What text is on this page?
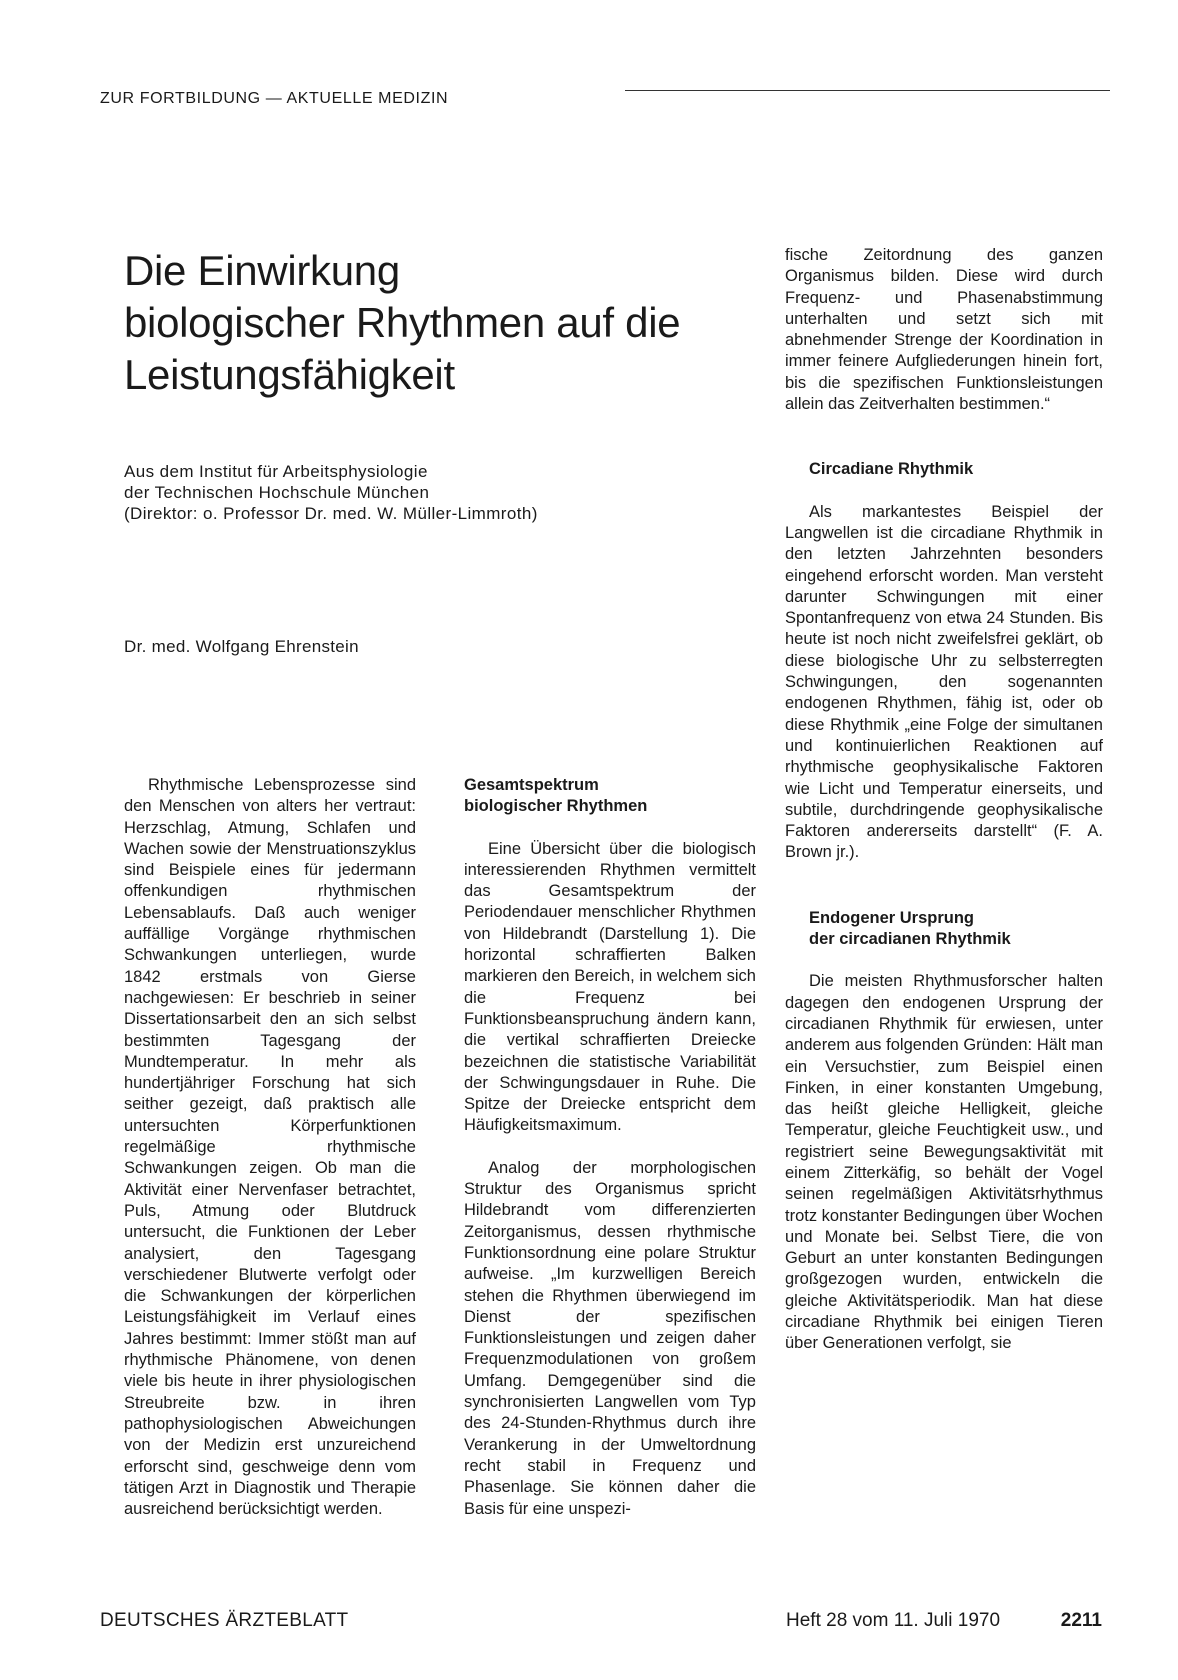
ZUR FORTBILDUNG — AKTUELLE MEDIZIN
Die Einwirkung
biologischer Rhythmen auf die
Leistungsfähigkeit
Aus dem Institut für Arbeitsphysiologie
der Technischen Hochschule München
(Direktor: o. Professor Dr. med. W. Müller-Limmroth)
Dr. med. Wolfgang Ehrenstein

Rhythmische Lebensprozesse sind den Menschen von alters her vertraut: Herzschlag, Atmung, Schlafen und Wachen sowie der Menstruationszyklus sind Beispiele eines für jedermann offenkundigen rhythmischen Lebensablaufs. Daß auch weniger auffällige Vorgänge rhythmischen Schwankungen unterliegen, wurde 1842 erstmals von Gierse nachgewiesen: Er beschrieb in seiner Dissertationsarbeit den an sich selbst bestimmten Tagesgang der Mundtemperatur. In mehr als hundertjähriger Forschung hat sich seither gezeigt, daß praktisch alle untersuchten Körperfunktionen regelmäßige rhythmische Schwankungen zeigen. Ob man die Aktivität einer Nervenfaser betrachtet, Puls, Atmung oder Blutdruck untersucht, die Funktionen der Leber analysiert, den Tagesgang verschiedener Blutwerte verfolgt oder die Schwankungen der körperlichen Leistungsfähigkeit im Verlauf eines Jahres bestimmt: Immer stößt man auf rhythmische Phänomene, von denen viele bis heute in ihrer physiologischen Streubreite bzw. in ihren pathophysiologischen Abweichungen von der Medizin erst unzureichend erforscht sind, geschweige denn vom tätigen Arzt in Diagnostik und Therapie ausreichend berücksichtigt werden.

Gesamtspektrum
biologischer Rhythmen

Eine Übersicht über die biologisch interessierenden Rhythmen vermittelt das Gesamtspektrum der Periodendauer menschlicher Rhythmen von Hildebrandt (Darstellung 1). Die horizontal schraffierten Balken markieren den Bereich, in welchem sich die Frequenz bei Funktionsbeanspruchung ändern kann, die vertikal schraffierten Dreiecke bezeichnen die statistische Variabilität der Schwingungsdauer in Ruhe. Die Spitze der Dreiecke entspricht dem Häufigkeitsmaximum.

Analog der morphologischen Struktur des Organismus spricht Hildebrandt vom differenzierten Zeitorganismus, dessen rhythmische Funktionsordnung eine polare Struktur aufweise. „Im kurzwelligen Bereich stehen die Rhythmen überwiegend im Dienst der spezifischen Funktionsleistungen und zeigen daher Frequenzmodulationen von großem Umfang. Demgegenüber sind die synchronisierten Langwellen vom Typ des 24-Stunden-Rhythmus durch ihre Verankerung in der Umweltordnung recht stabil in Frequenz und Phasenlage. Sie können daher die Basis für eine unspezi-

fische Zeitordnung des ganzen Organismus bilden. Diese wird durch Frequenz- und Phasenabstimmung unterhalten und setzt sich mit abnehmender Strenge der Koordination in immer feinere Aufgliederungen hinein fort, bis die spezifischen Funktionsleistungen allein das Zeitverhalten bestimmen.“

Circadiane Rhythmik

Als markantestes Beispiel der Langwellen ist die circadiane Rhythmik in den letzten Jahrzehnten besonders eingehend erforscht worden. Man versteht darunter Schwingungen mit einer Spontanfrequenz von etwa 24 Stunden. Bis heute ist noch nicht zweifelsfrei geklärt, ob diese biologische Uhr zu selbsterregten Schwingungen, den sogenannten endogenen Rhythmen, fähig ist, oder ob diese Rhythmik „eine Folge der simultanen und kontinuierlichen Reaktionen auf rhythmische geophysikalische Faktoren wie Licht und Temperatur einerseits, und subtile, durchdringende geophysikalische Faktoren andererseits darstellt“ (F. A. Brown jr.).

Endogener Ursprung
der circadianen Rhythmik

Die meisten Rhythmusforscher halten dagegen den endogenen Ursprung der circadianen Rhythmik für erwiesen, unter anderem aus folgenden Gründen: Hält man ein Versuchstier, zum Beispiel einen Finken, in einer konstanten Umgebung, das heißt gleiche Helligkeit, gleiche Temperatur, gleiche Feuchtigkeit usw., und registriert seine Bewegungsaktivität mit einem Zitterkäfig, so behält der Vogel seinen regelmäßigen Aktivitätsrhythmus trotz konstanter Bedingungen über Wochen und Monate bei. Selbst Tiere, die von Geburt an unter konstanten Bedingungen großgezogen wurden, entwickeln die gleiche Aktivitätsperiodik. Man hat diese circadiane Rhythmik bei einigen Tieren über Generationen verfolgt, sie

DEUTSCHES ÄRZTEBLATT	Heft 28 vom 11. Juli 1970	2211
